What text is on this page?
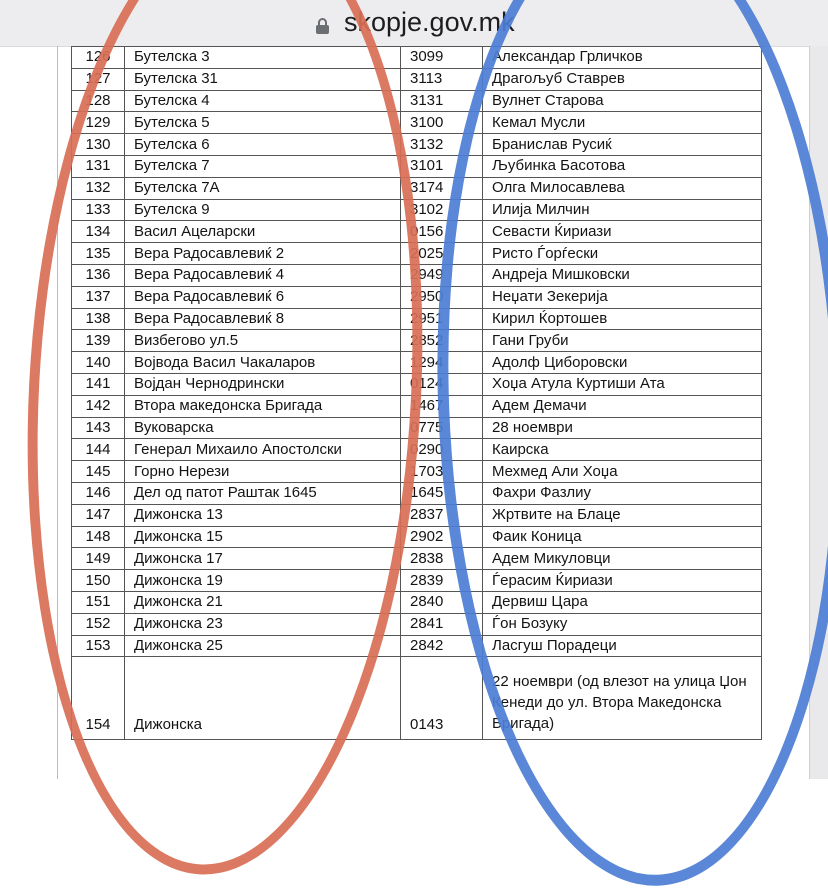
skopje.gov.mk
126	Бутелска 3	3099	Александар Грличков
127	Бутелска 31	3113	Драгољуб Ставрев
128	Бутелска 4	3131	Вулнет Старова
129	Бутелска 5	3100	Кемал Мусли
130	Бутелска 6	3132	Бранислав Русиќ
131	Бутелска 7	3101	Љубинка Басотова
132	Бутелска 7А	3174	Олга Милосавлева
133	Бутелска 9	3102	Илија Милчин
134	Васил Ацеларски	0156	Севасти Ќириази
135	Вера Радосавлевиќ 2	2025	Ристо Ѓорѓески
136	Вера Радосавлевиќ 4	2949	Андреја Мишковски
137	Вера Радосавлевиќ 6	2950	Неџати Зекерија
138	Вера Радосавлевиќ 8	2951	Кирил Ќортошев
139	Визбегово ул.5	2852	Гани Груби
140	Војвода Васил Чакаларов	1294	Адолф Циборовски
141	Војдан Чернодрински	0124	Хоџа Атула Куртиши Ата
142	Втора македонска Бригада	1467	Адем Демачи
143	Вуковарска	0775	28 ноември
144	Генерал Михаило Апостолски	0290	Каирска
145	Горно Нерези	1703	Мехмед Али Хоџа
146	Дел од патот Раштак 1645	1645	Фахри Фазлиу
147	Дижонска 13	2837	Жртвите на Блаце
148	Дижонска 15	2902	Фаик Коница
149	Дижонска 17	2838	Адем Микуловци
150	Дижонска 19	2839	Ѓерасим Ќириази
151	Дижонска 21	2840	Дервиш Цара
152	Дижонска 23	2841	Ѓон Бозуку
153	Дижонска 25	2842	Ласгуш Порадеци
154	Дижонска	0143	22 ноември (од влезот на улица Џон Кенеди до ул. Втора Македонска Бригада)
